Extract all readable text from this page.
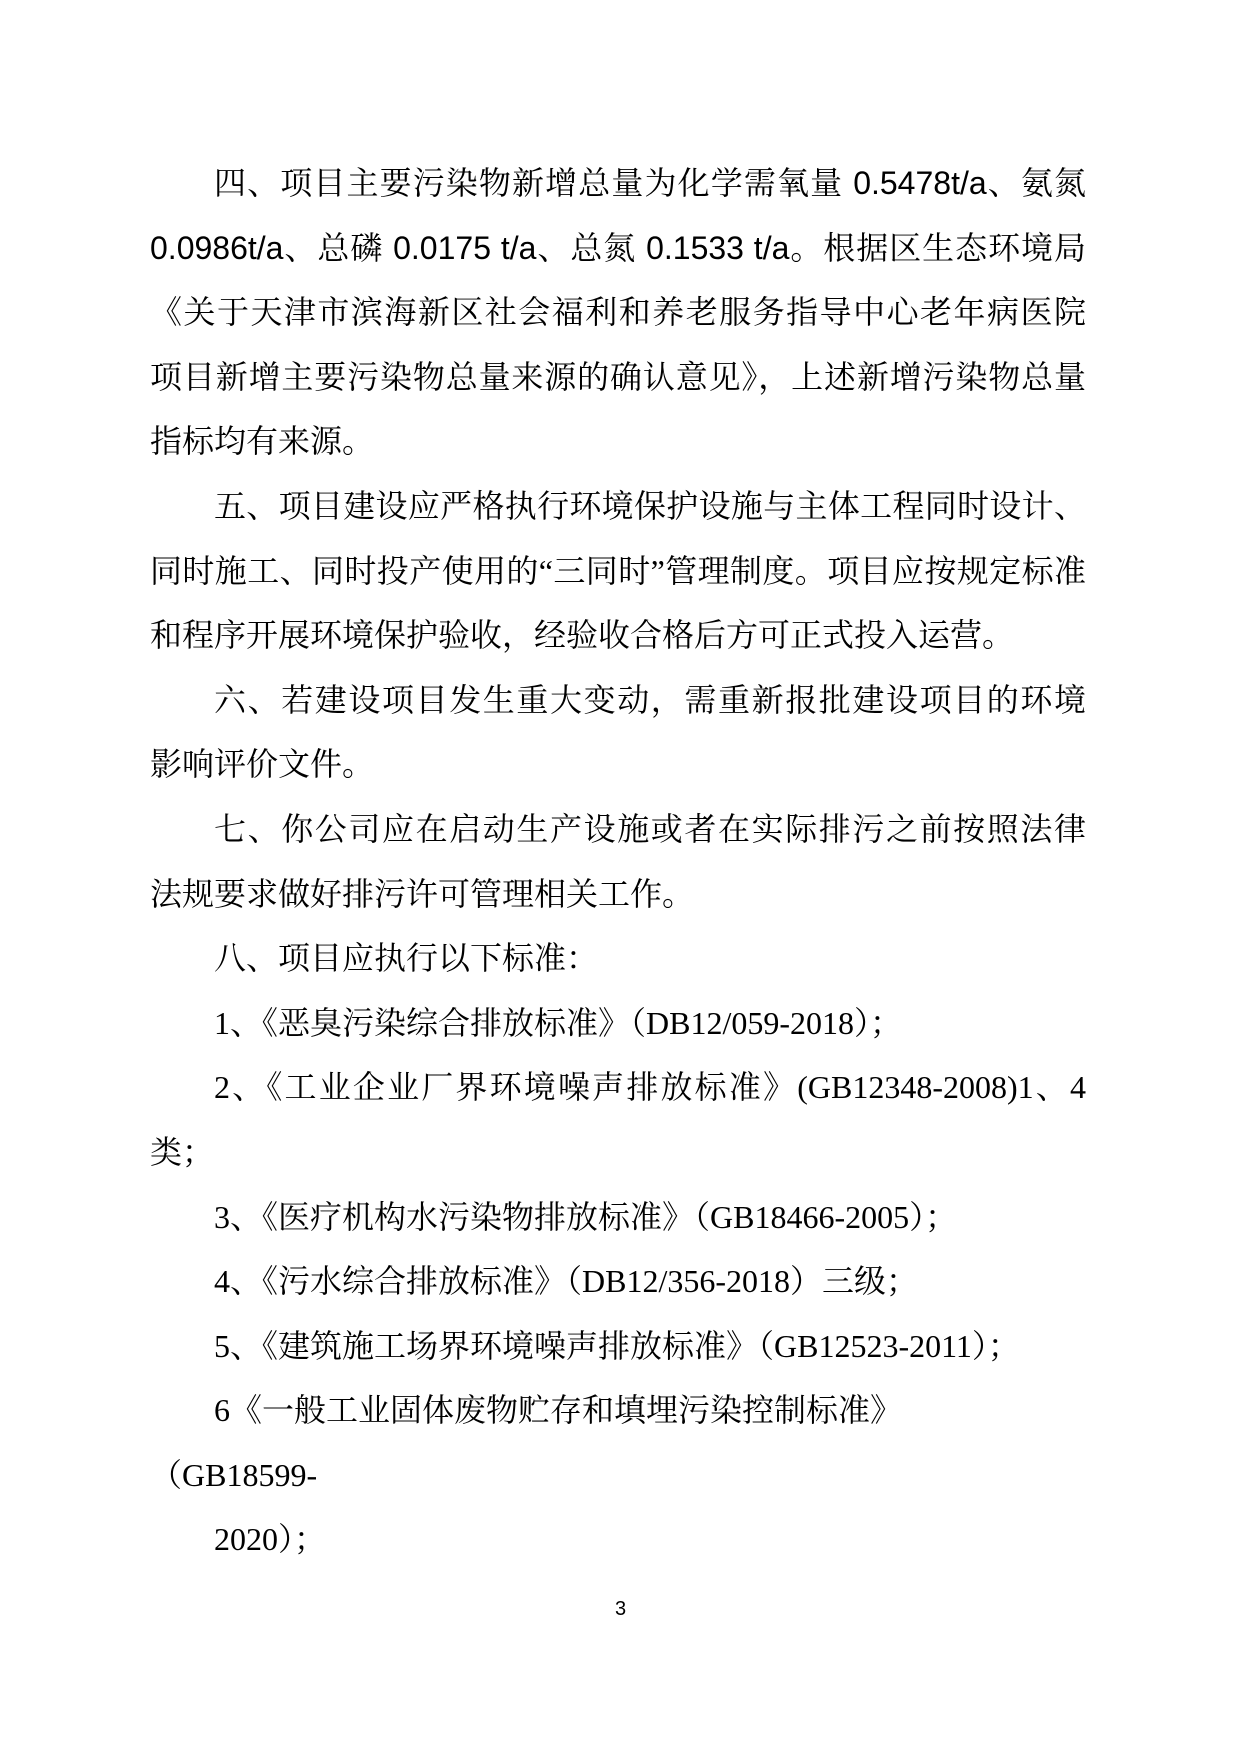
四、项目主要污染物新增总量为化学需氧量 0.5478t/a、氨氮
0.0986t/a、总磷 0.0175 t/a、总氮 0.1533 t/a。根据区生态环境局
《关于天津市滨海新区社会福利和养老服务指导中心老年病医院
项目新增主要污染物总量来源的确认意见》，上述新增污染物总量
指标均有来源。
五、项目建设应严格执行环境保护设施与主体工程同时设计、
同时施工、同时投产使用的“三同时”管理制度。项目应按规定标准
和程序开展环境保护验收，经验收合格后方可正式投入运营。
六、若建设项目发生重大变动，需重新报批建设项目的环境
影响评价文件。
七、你公司应在启动生产设施或者在实际排污之前按照法律
法规要求做好排污许可管理相关工作。
八、项目应执行以下标准：
1、《恶臭污染综合排放标准》（DB12/059-2018）；
2、《工业企业厂界环境噪声排放标准》(GB12348-2008)1、4
类；
3、《医疗机构水污染物排放标准》（GB18466-2005）；
4、《污水综合排放标准》（DB12/356-2018）三级；
5、《建筑施工场界环境噪声排放标准》（GB12523-2011）；
6《一般工业固体废物贮存和填埋污染控制标准》
（GB18599-
2020）；
3
